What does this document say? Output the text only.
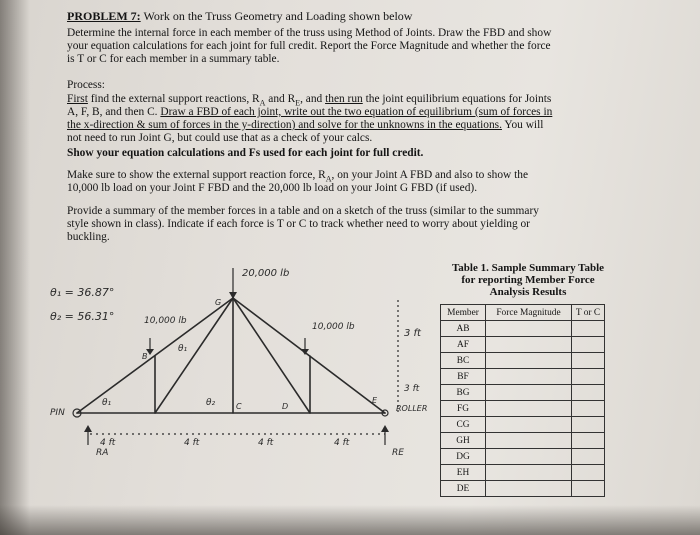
PROBLEM 7: Work on the Truss Geometry and Loading shown below
Determine the internal force in each member of the truss using Method of Joints. Draw the FBD and show
your equation calculations for each joint for full credit. Report the Force Magnitude and whether the force
is T or C for each member in a summary table.
Process:
First find the external support reactions, $R_A$ and $R_E$, and then run the joint equilibrium equations for Joints
A, F, B, and then C. Draw a FBD of each joint, write out the two equation of equilibrium (sum of forces in
the x-direction & sum of forces in the y-direction) and solve for the unknowns in the equations. You will
not need to run Joint G, but could use that as a check of your calcs.
Show your equation calculations and Fs used for each joint for full credit.
Make sure to show the external support reaction force, $R_A$, on your Joint A FBD and also to show the
10,000 lb load on your Joint F FBD and the 20,000 lb load on your Joint G FBD (if used).
Provide a summary of the member forces in a table and on a sketch of the truss (similar to the summary
style shown in class). Indicate if each force is T or C to track whether need to worry about yielding or
buckling.
θ₁ = 36.87°
θ₂ = 56.31°
20,000 lb
10,000 lb
10,000 lb
3 ft
3 ft
4 ft	4 ft	4 ft	4 ft
PIN	ROLLER
RA	RE
B
C	D
E
θ₁
θ₁	θ₂
G
Table 1. Sample Summary Table
for reporting Member Force
Analysis Results
Member	Force Magnitude	T or C
AB		
AF		
BC		
BF		
BG		
FG		
CG		
GH		
DG		
EH		
DE		
